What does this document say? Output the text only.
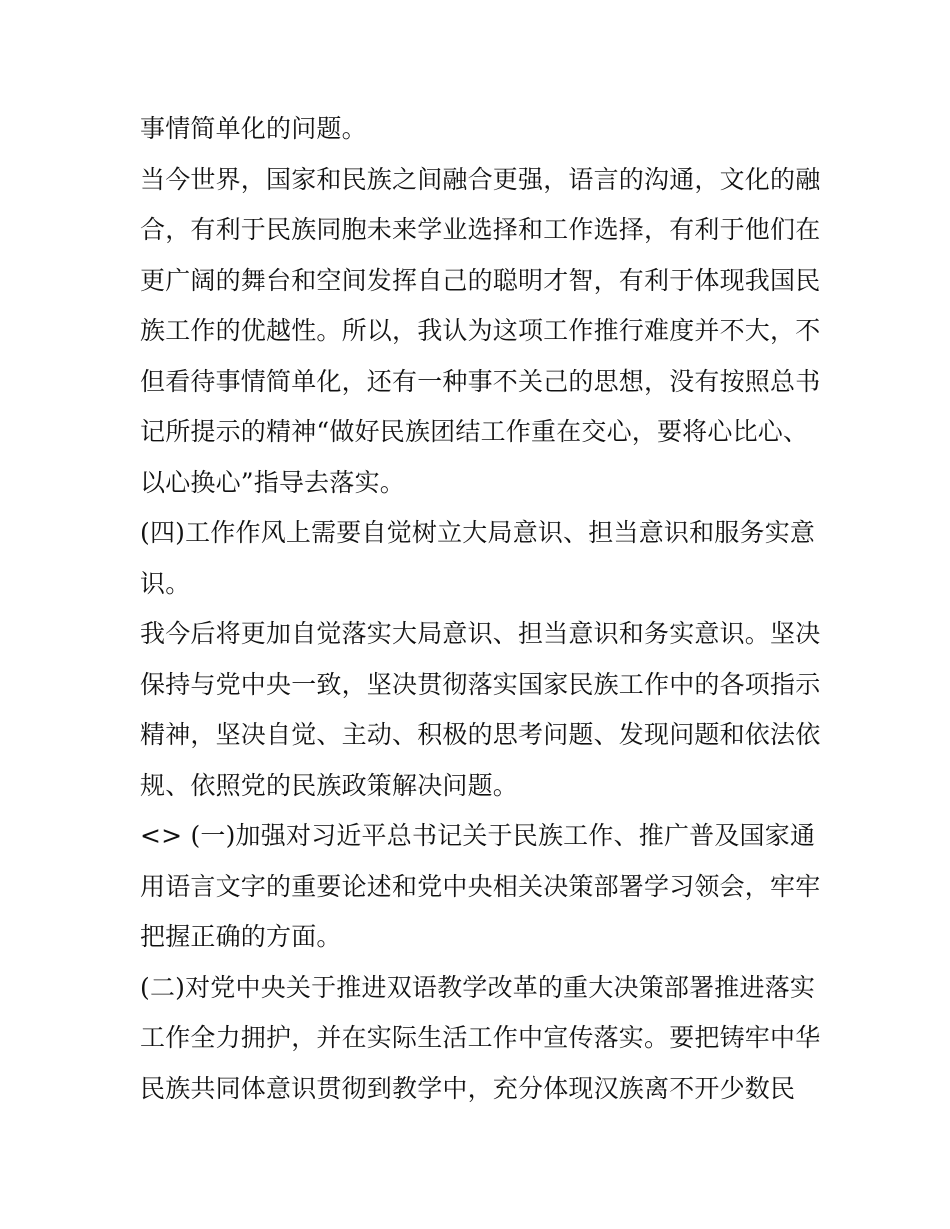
事情简单化的问题。
当今世界，国家和民族之间融合更强，语言的沟通，文化的融
合，有利于民族同胞未来学业选择和工作选择，有利于他们在
更广阔的舞台和空间发挥自己的聪明才智，有利于体现我国民
族工作的优越性。所以，我认为这项工作推行难度并不大，不
但看待事情简单化，还有一种事不关己的思想，没有按照总书
记所提示的精神“做好民族团结工作重在交心，要将心比心、
以心换心”指导去落实。
(四)工作作风上需要自觉树立大局意识、担当意识和服务实意
识。
我今后将更加自觉落实大局意识、担当意识和务实意识。坚决
保持与党中央一致，坚决贯彻落实国家民族工作中的各项指示
精神，坚决自觉、主动、积极的思考问题、发现问题和依法依
规、依照党的民族政策解决问题。
<> (一)加强对习近平总书记关于民族工作、推广普及国家通
用语言文字的重要论述和党中央相关决策部署学习领会，牢牢
把握正确的方面。
(二)对党中央关于推进双语教学改革的重大决策部署推进落实
工作全力拥护，并在实际生活工作中宣传落实。要把铸牢中华
民族共同体意识贯彻到教学中，充分体现汉族离不开少数民
